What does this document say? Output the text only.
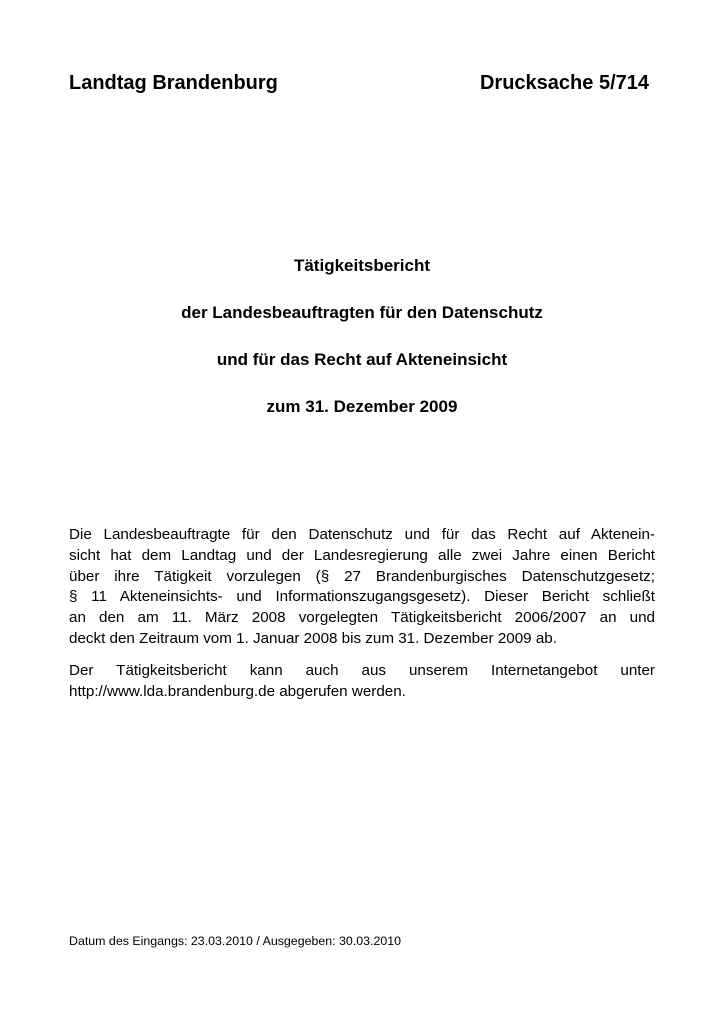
Landtag Brandenburg	Drucksache 5/714
Tätigkeitsbericht
der Landesbeauftragten für den Datenschutz
und für das Recht auf Akteneinsicht
zum 31. Dezember 2009

Die Landesbeauftragte für den Datenschutz und für das Recht auf Aktenein-
sicht hat dem Landtag und der Landesregierung alle zwei Jahre einen Bericht
über ihre Tätigkeit vorzulegen (§ 27 Brandenburgisches Datenschutzgesetz;
§ 11 Akteneinsichts- und Informationszugangsgesetz). Dieser Bericht schließt
an den am 11. März 2008 vorgelegten Tätigkeitsbericht 2006/2007 an und
deckt den Zeitraum vom 1. Januar 2008 bis zum 31. Dezember 2009 ab.

Der Tätigkeitsbericht kann auch aus unserem Internetangebot unter
http://www.lda.brandenburg.de abgerufen werden.

Datum des Eingangs: 23.03.2010 / Ausgegeben: 30.03.2010
